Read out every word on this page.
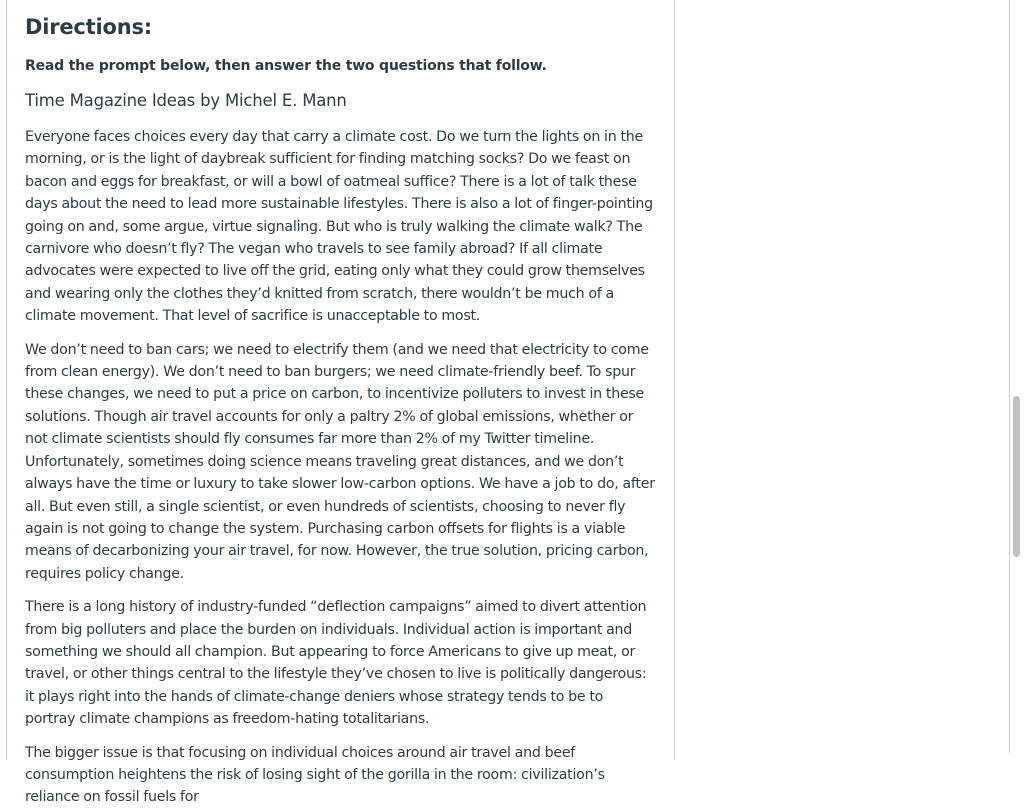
Directions:
Read the prompt below, then answer the two questions that follow.
Time Magazine Ideas by Michel E. Mann

Everyone faces choices every day that carry a climate cost. Do we turn the lights on in the morning, or is the light of daybreak sufficient for finding matching socks? Do we feast on bacon and eggs for breakfast, or will a bowl of oatmeal suffice? There is a lot of talk these days about the need to lead more sustainable lifestyles. There is also a lot of finger-pointing going on and, some argue, virtue signaling. But who is truly walking the climate walk? The carnivore who doesn’t fly? The vegan who travels to see family abroad? If all climate advocates were expected to live off the grid, eating only what they could grow themselves and wearing only the clothes they’d knitted from scratch, there wouldn’t be much of a climate movement. That level of sacrifice is unacceptable to most.

We don’t need to ban cars; we need to electrify them (and we need that electricity to come from clean energy). We don’t need to ban burgers; we need climate-friendly beef. To spur these changes, we need to put a price on carbon, to incentivize polluters to invest in these solutions. Though air travel accounts for only a paltry 2% of global emissions, whether or not climate scientists should fly consumes far more than 2% of my Twitter timeline. Unfortunately, sometimes doing science means traveling great distances, and we don’t always have the time or luxury to take slower low-carbon options. We have a job to do, after all. But even still, a single scientist, or even hundreds of scientists, choosing to never fly again is not going to change the system. Purchasing carbon offsets for flights is a viable means of decarbonizing your air travel, for now. However, the true solution, pricing carbon, requires policy change.

There is a long history of industry-funded “deflection campaigns” aimed to divert attention from big polluters and place the burden on individuals. Individual action is important and something we should all champion. But appearing to force Americans to give up meat, or travel, or other things central to the lifestyle they’ve chosen to live is politically dangerous: it plays right into the hands of climate-change deniers whose strategy tends to be to portray climate champions as freedom-hating totalitarians.

The bigger issue is that focusing on individual choices around air travel and beef consumption heightens the risk of losing sight of the gorilla in the room: civilization’s reliance on fossil fuels for
